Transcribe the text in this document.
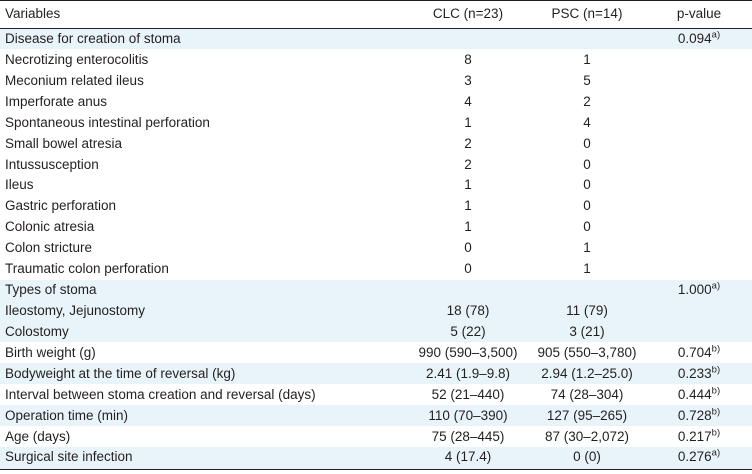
Variables	CLC (n=23)	PSC (n=14)	p-value
Disease for creation of stoma			0.094$^{a)}$
Necrotizing enterocolitis	8	1	
Meconium related ileus	3	5	
Imperforate anus	4	2	
Spontaneous intestinal perforation	1	4	
Small bowel atresia	2	0	
Intussusception	2	0	
Ileus	1	0	
Gastric perforation	1	0	
Colonic atresia	1	0	
Colon stricture	0	1	
Traumatic colon perforation	0	1	
Types of stoma			1.000$^{a)}$
Ileostomy, Jejunostomy	18 (78)	11 (79)	
Colostomy	5 (22)	3 (21)	
Birth weight (g)	990 (590–3,500)	905 (550–3,780)	0.704$^{b)}$
Bodyweight at the time of reversal (kg)	2.41 (1.9–9.8)	2.94 (1.2–25.0)	0.233$^{b)}$
Interval between stoma creation and reversal (days)	52 (21–440)	74 (28–304)	0.444$^{b)}$
Operation time (min)	110 (70–390)	127 (95–265)	0.728$^{b)}$
Age (days)	75 (28–445)	87 (30–2,072)	0.217$^{b)}$
Surgical site infection	4 (17.4)	0 (0)	0.276$^{a)}$
